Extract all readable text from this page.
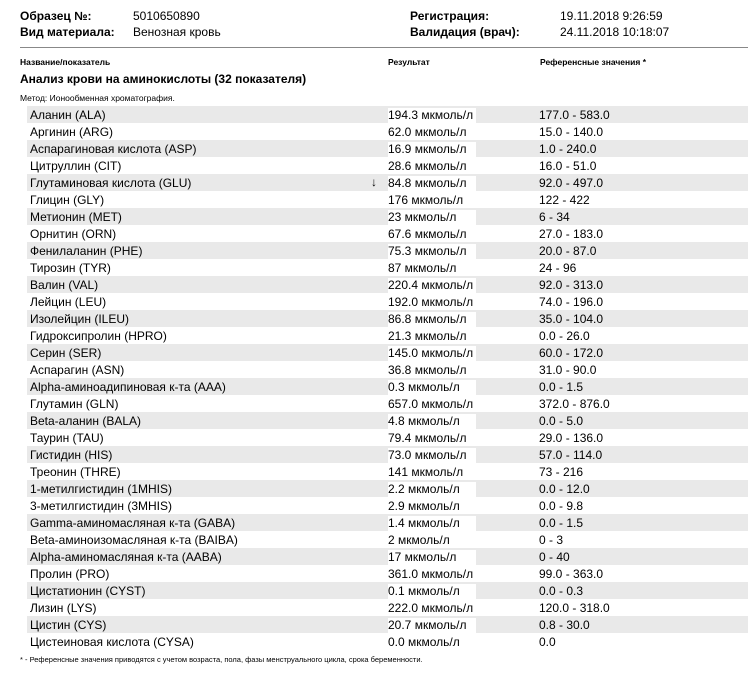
Образец №:	5010650890
Вид материала: Венозная кровь
Регистрация:	19.11.2018 9:26:59
Валидация (врач):	24.11.2018 10:18:07
Название/показатель	Результат	Референсные значения *
Анализ крови на аминокислоты (32 показателя)
Метод: Ионообменная хроматография.
Аланин (ALA)	194.3 мкмоль/л	177.0 - 583.0
Аргинин (ARG)	62.0 мкмоль/л	15.0 - 140.0
Аспарагиновая кислота (ASP)	16.9 мкмоль/л	1.0 - 240.0
Цитруллин (CIT)	28.6 мкмоль/л	16.0 - 51.0
Глутаминовая кислота (GLU)	↓ 84.8 мкмоль/л	92.0 - 497.0
Глицин (GLY)	176 мкмоль/л	122 - 422
Метионин (MET)	23 мкмоль/л	6 - 34
Орнитин (ORN)	67.6 мкмоль/л	27.0 - 183.0
Фенилаланин (PHE)	75.3 мкмоль/л	20.0 - 87.0
Тирозин (TYR)	87 мкмоль/л	24 - 96
Валин (VAL)	220.4 мкмоль/л	92.0 - 313.0
Лейцин (LEU)	192.0 мкмоль/л	74.0 - 196.0
Изолейцин (ILEU)	86.8 мкмоль/л	35.0 - 104.0
Гидроксипролин (HPRO)	21.3 мкмоль/л	0.0 - 26.0
Серин (SER)	145.0 мкмоль/л	60.0 - 172.0
Аспарагин (ASN)	36.8 мкмоль/л	31.0 - 90.0
Alpha-аминоадипиновая к-та (AAA)	0.3 мкмоль/л	0.0 - 1.5
Глутамин (GLN)	657.0 мкмоль/л	372.0 - 876.0
Beta-аланин (BALA)	4.8 мкмоль/л	0.0 - 5.0
Таурин (TAU)	79.4 мкмоль/л	29.0 - 136.0
Гистидин (HIS)	73.0 мкмоль/л	57.0 - 114.0
Треонин (THRE)	141 мкмоль/л	73 - 216
1-метилгистидин (1MHIS)	2.2 мкмоль/л	0.0 - 12.0
3-метилгистидин (3MHIS)	2.9 мкмоль/л	0.0 - 9.8
Gamma-аминомасляная к-та (GABA)	1.4 мкмоль/л	0.0 - 1.5
Beta-аминоизомасляная к-та (BAIBA)	2 мкмоль/л	0 - 3
Alpha-аминомасляная к-та (AABA)	17 мкмоль/л	0 - 40
Пролин (PRO)	361.0 мкмоль/л	99.0 - 363.0
Цистатионин (CYST)	0.1 мкмоль/л	0.0 - 0.3
Лизин (LYS)	222.0 мкмоль/л	120.0 - 318.0
Цистин (CYS)	20.7 мкмоль/л	0.8 - 30.0
Цистеиновая кислота (CYSA)	0.0 мкмоль/л	0.0
* - Референсные значения приводятся с учетом возраста, пола, фазы менструального цикла, срока беременности.
